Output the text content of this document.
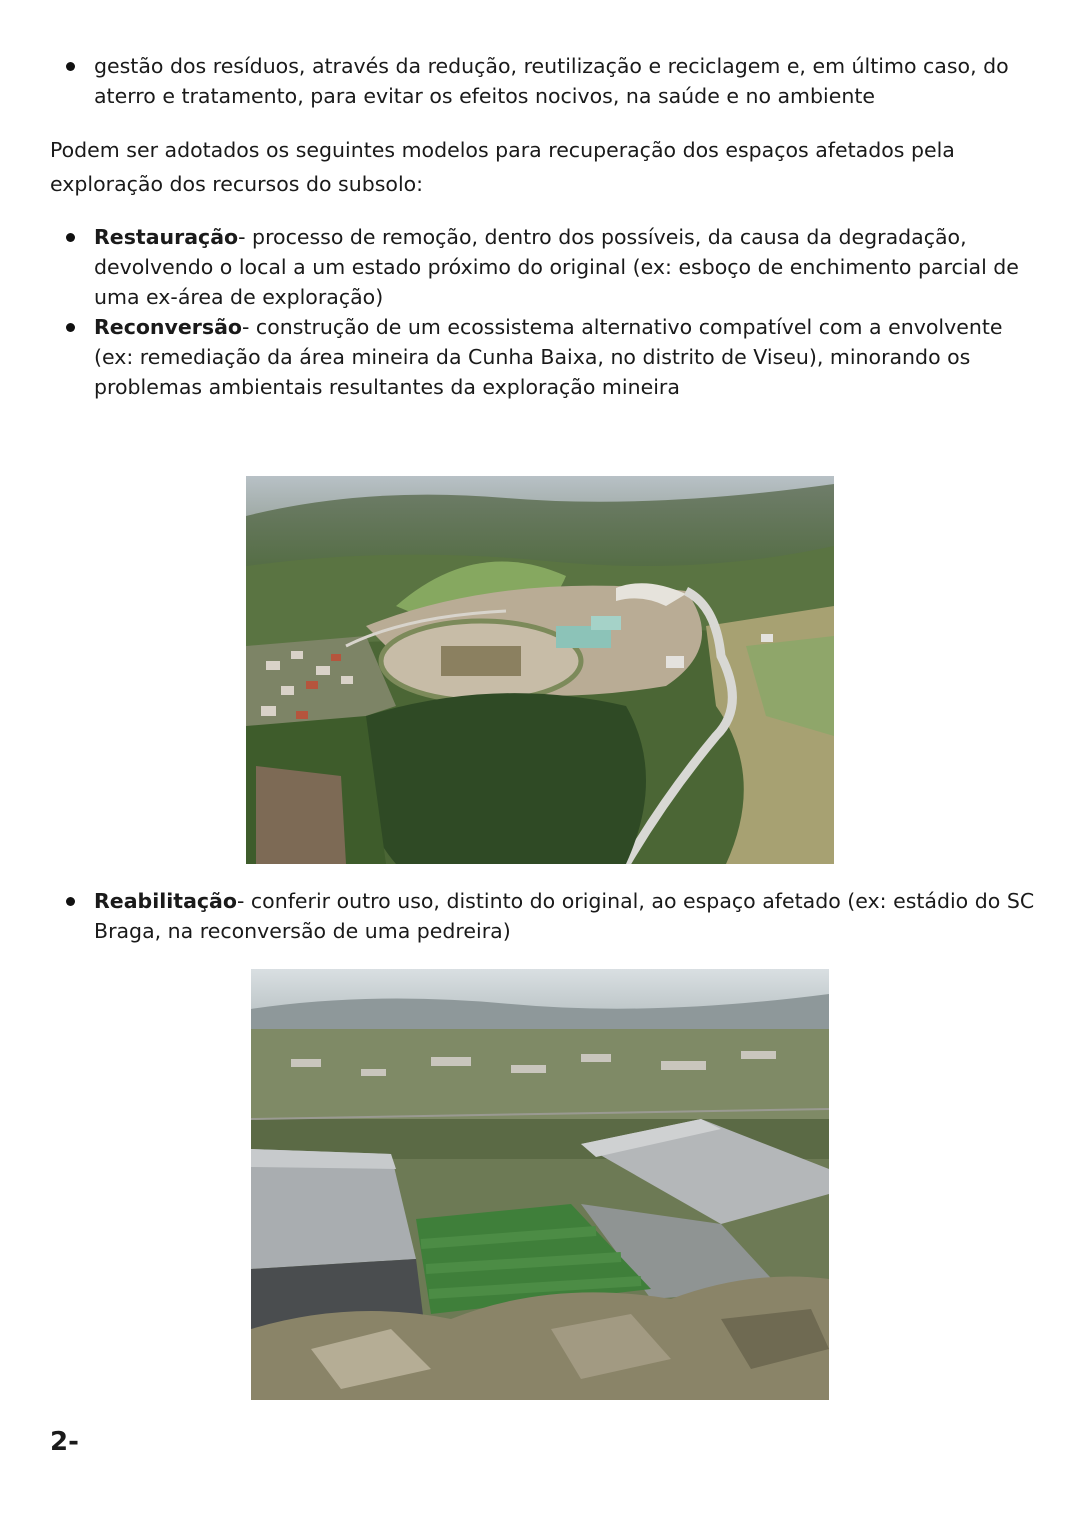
gestão dos resíduos, através da redução, reutilização e reciclagem e, em último caso, do aterro e tratamento, para evitar os efeitos nocivos, na saúde e no ambiente
Podem ser adotados os seguintes modelos para recuperação dos espaços afetados pela exploração dos recursos do subsolo:
Restauração- processo de remoção, dentro dos possíveis, da causa da degradação, devolvendo o local a um estado próximo do original (ex: esboço de enchimento parcial de uma ex-área de exploração)
Reconversão- construção de um ecossistema alternativo compatível com a envolvente (ex: remediação da área mineira da Cunha Baixa, no distrito de Viseu), minorando os problemas ambientais resultantes da exploração mineira
Reabilitação- conferir outro uso, distinto do original, ao espaço afetado (ex: estádio do SC Braga, na reconversão de uma pedreira)
2-
